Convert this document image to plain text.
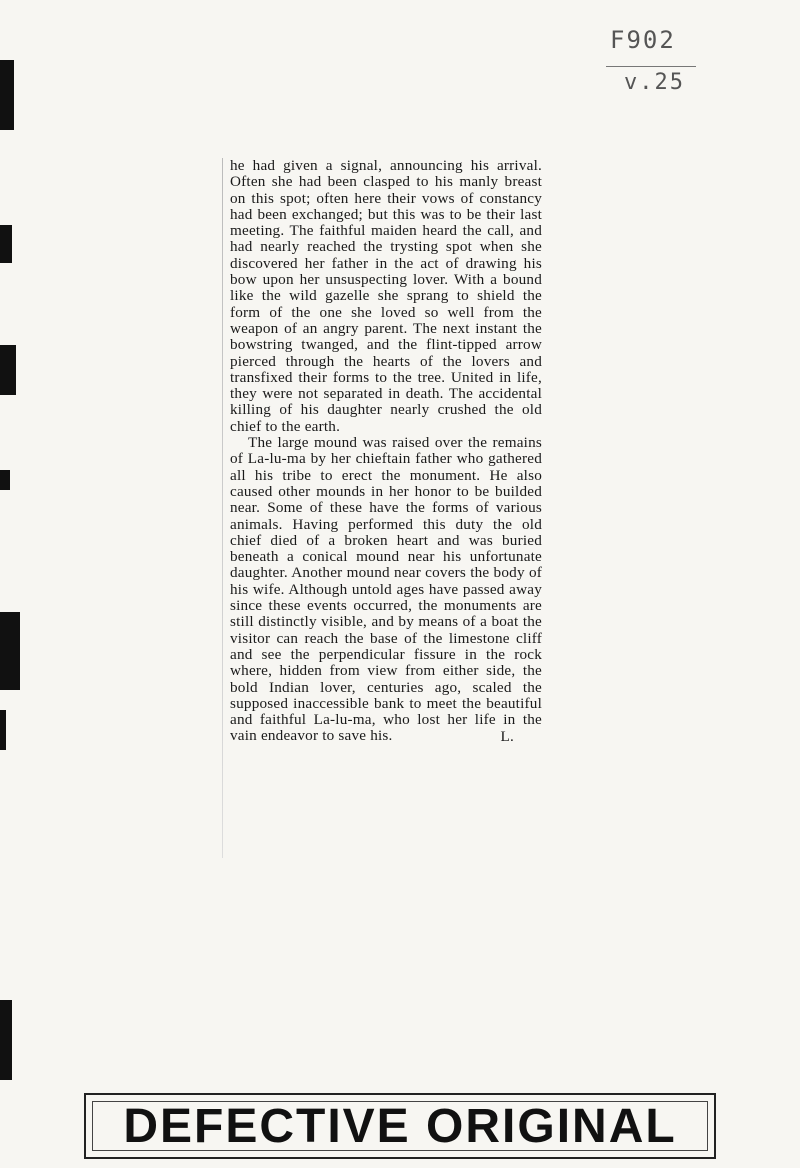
F902
v.25

he had given a signal, announcing his arrival. Often she had been clasped to his manly breast on this spot; often here their vows of constancy had been exchanged; but this was to be their last meeting. The faithful maiden heard the call, and had nearly reached the trysting spot when she discovered her father in the act of drawing his bow upon her unsuspecting lover. With a bound like the wild gazelle she sprang to shield the form of the one she loved so well from the weapon of an angry parent. The next instant the bowstring twanged, and the flint-tipped arrow pierced through the hearts of the lovers and transfixed their forms to the tree. United in life, they were not separated in death. The accidental killing of his daughter nearly crushed the old chief to the earth.

The large mound was raised over the remains of La-lu-ma by her chieftain father who gathered all his tribe to erect the monument. He also caused other mounds in her honor to be builded near. Some of these have the forms of various animals. Having performed this duty the old chief died of a broken heart and was buried beneath a conical mound near his unfortunate daughter. Another mound near covers the body of his wife. Although untold ages have passed away since these events occurred, the monuments are still distinctly visible, and by means of a boat the visitor can reach the base of the limestone cliff and see the perpendicular fissure in the rock where, hidden from view from either side, the bold Indian lover, centuries ago, scaled the supposed inaccessible bank to meet the beautiful and faithful La-lu-ma, who lost her life in the vain endeavor to save his.	L.
DEFECTIVE ORIGINAL
